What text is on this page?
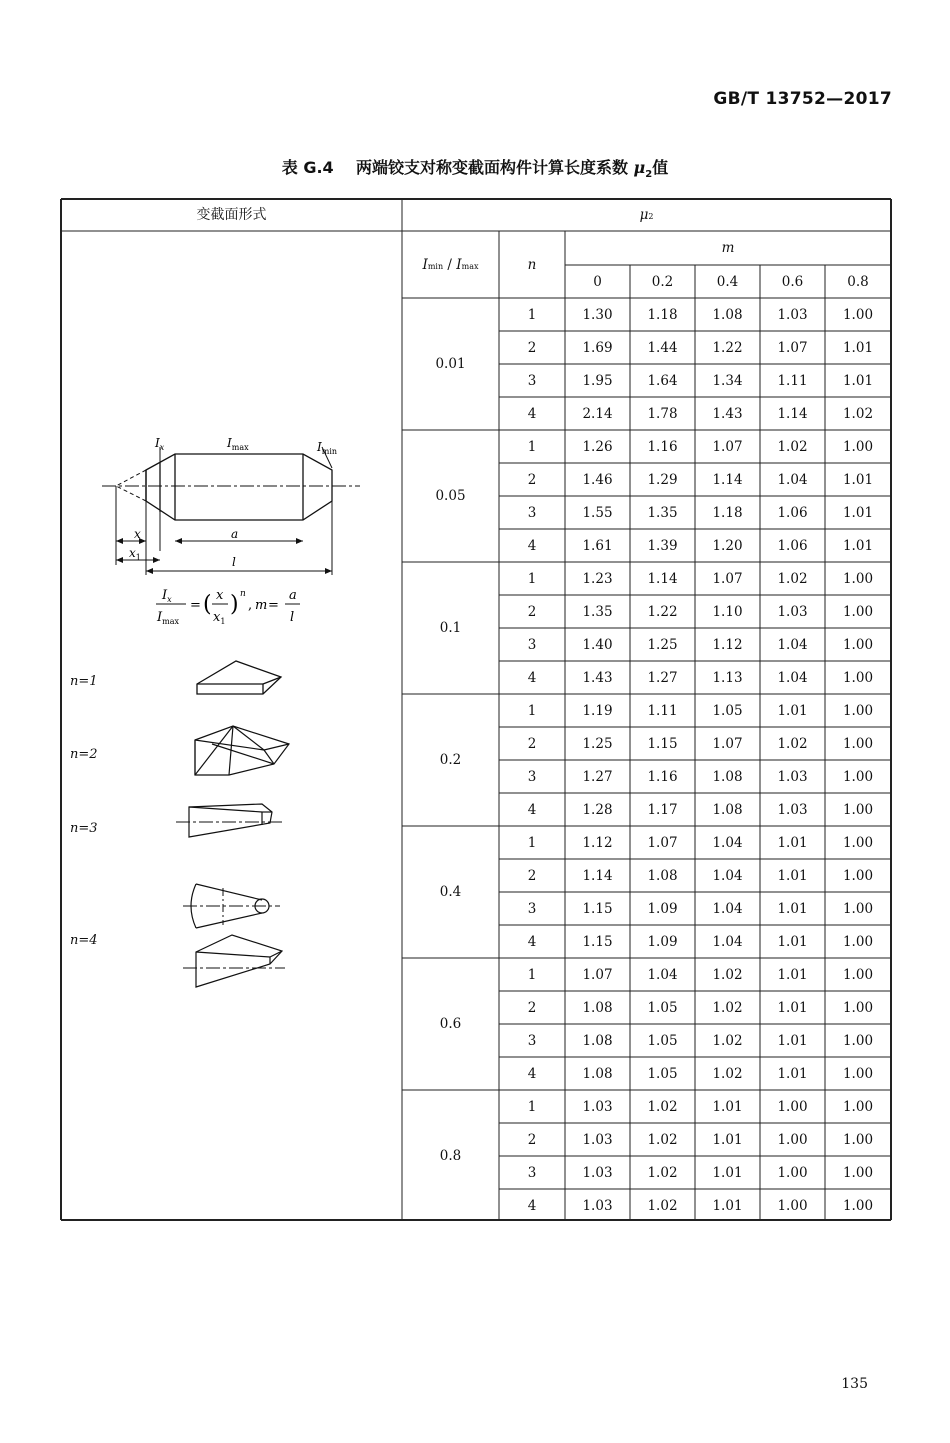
GB/T 13752—2017
表 G.4 两端铰支对称变截面构件计算长度系数 $\mu_2$值
变截面形式	μ2
Imin / Imax	n
m
0	0.2	0.4	0.6	0.8
0.01
1	1.30	1.18	1.08	1.03	1.00
2	1.69	1.44	1.22	1.07	1.01
3	1.95	1.64	1.34	1.11	1.01
4	2.14	1.78	1.43	1.14	1.02
0.05
1	1.26	1.16	1.07	1.02	1.00
2	1.46	1.29	1.14	1.04	1.01
3	1.55	1.35	1.18	1.06	1.01
4	1.61	1.39	1.20	1.06	1.01
0.1
1	1.23	1.14	1.07	1.02	1.00
2	1.35	1.22	1.10	1.03	1.00
3	1.40	1.25	1.12	1.04	1.00
4	1.43	1.27	1.13	1.04	1.00
0.2
1	1.19	1.11	1.05	1.01	1.00
2	1.25	1.15	1.07	1.02	1.00
3	1.27	1.16	1.08	1.03	1.00
4	1.28	1.17	1.08	1.03	1.00
0.4
1	1.12	1.07	1.04	1.01	1.00
2	1.14	1.08	1.04	1.01	1.00
3	1.15	1.09	1.04	1.01	1.00
4	1.15	1.09	1.04	1.01	1.00
0.6
1	1.07	1.04	1.02	1.01	1.00
2	1.08	1.05	1.02	1.01	1.00
3	1.08	1.05	1.02	1.01	1.00
4	1.08	1.05	1.02	1.01	1.00
0.8
1	1.03	1.02	1.01	1.00	1.00
2	1.03	1.02	1.01	1.00	1.00
3	1.03	1.02	1.01	1.00	1.00
4	1.03	1.02	1.01	1.00	1.00
$I_x$	$I_{max}$	$I_{min}$
x	a
$x_1$	l
$I_x$
$I_{max}$
= ( x
$x_1$
) n
, m =
a
l
n=1
n=2
n=3
n=4
135
